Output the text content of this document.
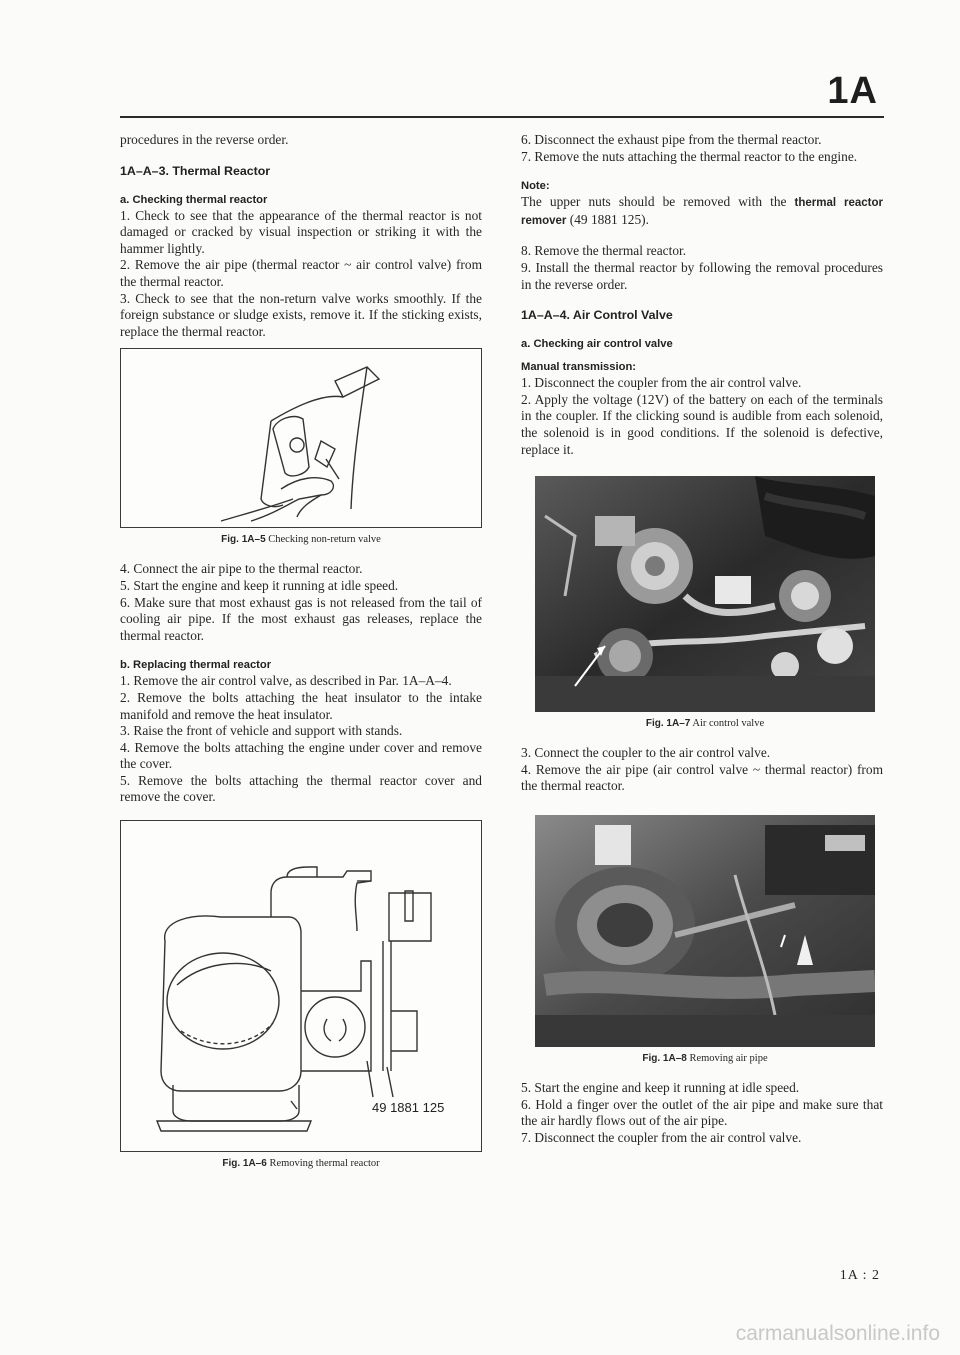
1A

procedures in the reverse order.

1A–A–3. Thermal Reactor
a. Checking thermal reactor

1. Check to see that the appearance of the thermal reactor is not damaged or cracked by visual inspection or striking it with the hammer lightly.

2. Remove the air pipe (thermal reactor ~ air control valve) from the thermal reactor.

3. Check to see that the non-return valve works smoothly. If the foreign substance or sludge exists, remove it. If the sticking exists, replace the thermal reactor.

Fig. 1A–5 Checking non-return valve

4. Connect the air pipe to the thermal reactor.

5. Start the engine and keep it running at idle speed.

6. Make sure that most exhaust gas is not released from the tail of cooling air pipe. If the most exhaust gas releases, replace the thermal reactor.

b. Replacing thermal reactor

1. Remove the air control valve, as described in Par. 1A–A–4.

2. Remove the bolts attaching the heat insulator to the intake manifold and remove the heat insulator.

3. Raise the front of vehicle and support with stands.

4. Remove the bolts attaching the engine under cover and remove the cover.

5. Remove the bolts attaching the thermal reactor cover and remove the cover.

49 1881 125
Fig. 1A–6 Removing thermal reactor

6. Disconnect the exhaust pipe from the thermal reactor.

7. Remove the nuts attaching the thermal reactor to the engine.

Note:

The upper nuts should be removed with the thermal reactor remover (49 1881 125).

8. Remove the thermal reactor.

9. Install the thermal reactor by following the removal procedures in the reverse order.

1A–A–4. Air Control Valve
a. Checking air control valve
Manual transmission:

1. Disconnect the coupler from the air control valve.

2. Apply the voltage (12V) of the battery on each of the terminals in the coupler. If the clicking sound is audible from each solenoid, the solenoid is in good conditions. If the solenoid is defective, replace it.

Fig. 1A–7 Air control valve

3. Connect the coupler to the air control valve.

4. Remove the air pipe (air control valve ~ thermal reactor) from the thermal reactor.

Fig. 1A–8 Removing air pipe

5. Start the engine and keep it running at idle speed.

6. Hold a finger over the outlet of the air pipe and make sure that the air hardly flows out of the air pipe.

7. Disconnect the coupler from the air control valve.

1A : 2
carmanualsonline.info
